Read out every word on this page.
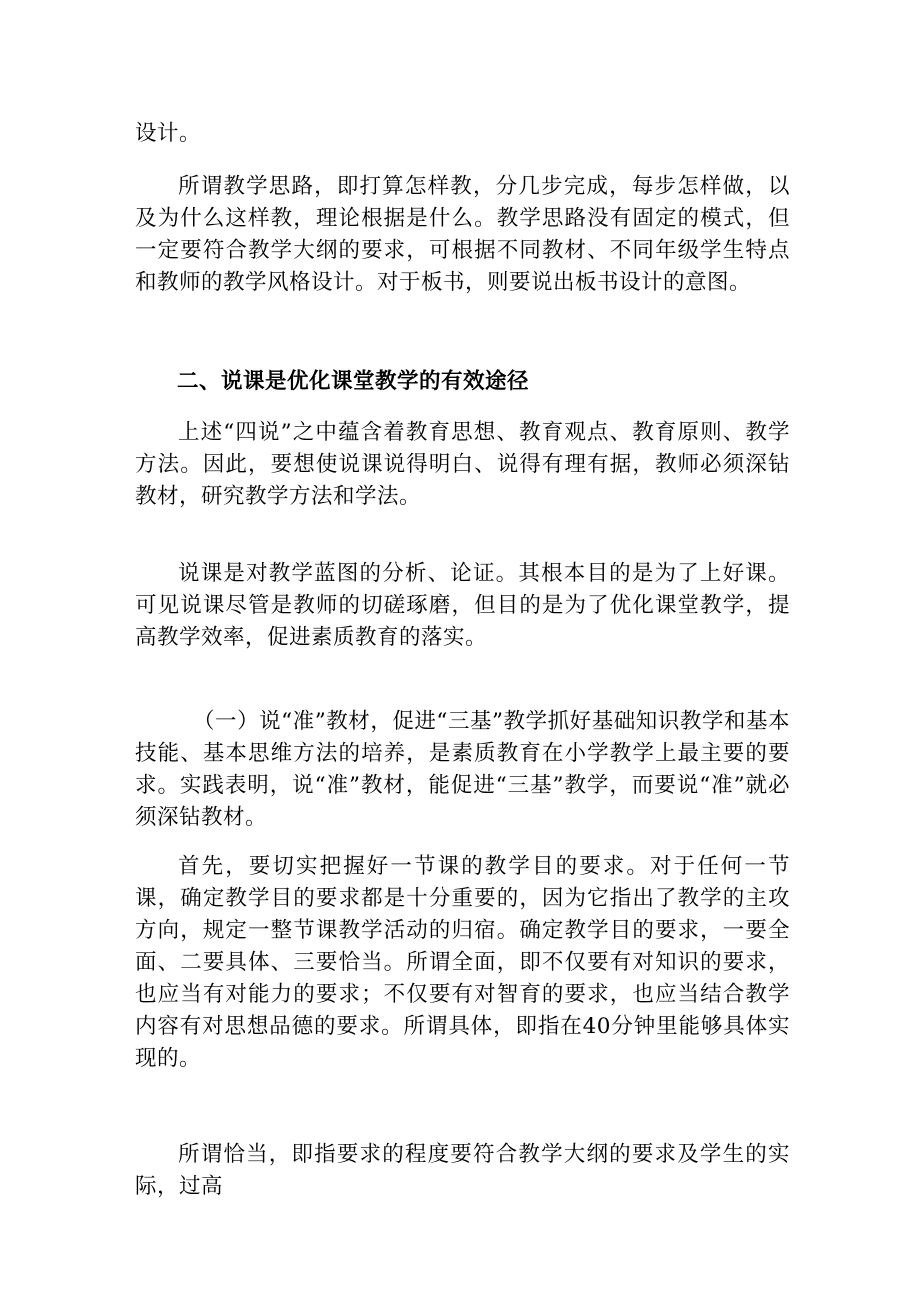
设计。
所谓教学思路，即打算怎样教，分几步完成，每步怎样做，以及为什么这样教，理论根据是什么。教学思路没有固定的模式，但一定要符合教学大纲的要求，可根据不同教材、不同年级学生特点和教师的教学风格设计。对于板书，则要说出板书设计的意图。
二、说课是优化课堂教学的有效途径
上述“四说”之中蕴含着教育思想、教育观点、教育原则、教学方法。因此，要想使说课说得明白、说得有理有据，教师必须深钻教材，研究教学方法和学法。
说课是对教学蓝图的分析、论证。其根本目的是为了上好课。可见说课尽管是教师的切磋琢磨，但目的是为了优化课堂教学，提高教学效率，促进素质教育的落实。
（一）说“准”教材，促进“三基”教学抓好基础知识教学和基本技能、基本思维方法的培养，是素质教育在小学教学上最主要的要求。实践表明，说“准”教材，能促进“三基”教学，而要说“准”就必须深钻教材。
首先，要切实把握好一节课的教学目的要求。对于任何一节课，确定教学目的要求都是十分重要的，因为它指出了教学的主攻方向，规定一整节课教学活动的归宿。确定教学目的要求，一要全面、二要具体、三要恰当。所谓全面，即不仅要有对知识的要求，也应当有对能力的要求；不仅要有对智育的要求，也应当结合教学内容有对思想品德的要求。所谓具体，即指在40分钟里能够具体实现的。
所谓恰当，即指要求的程度要符合教学大纲的要求及学生的实际，过高
